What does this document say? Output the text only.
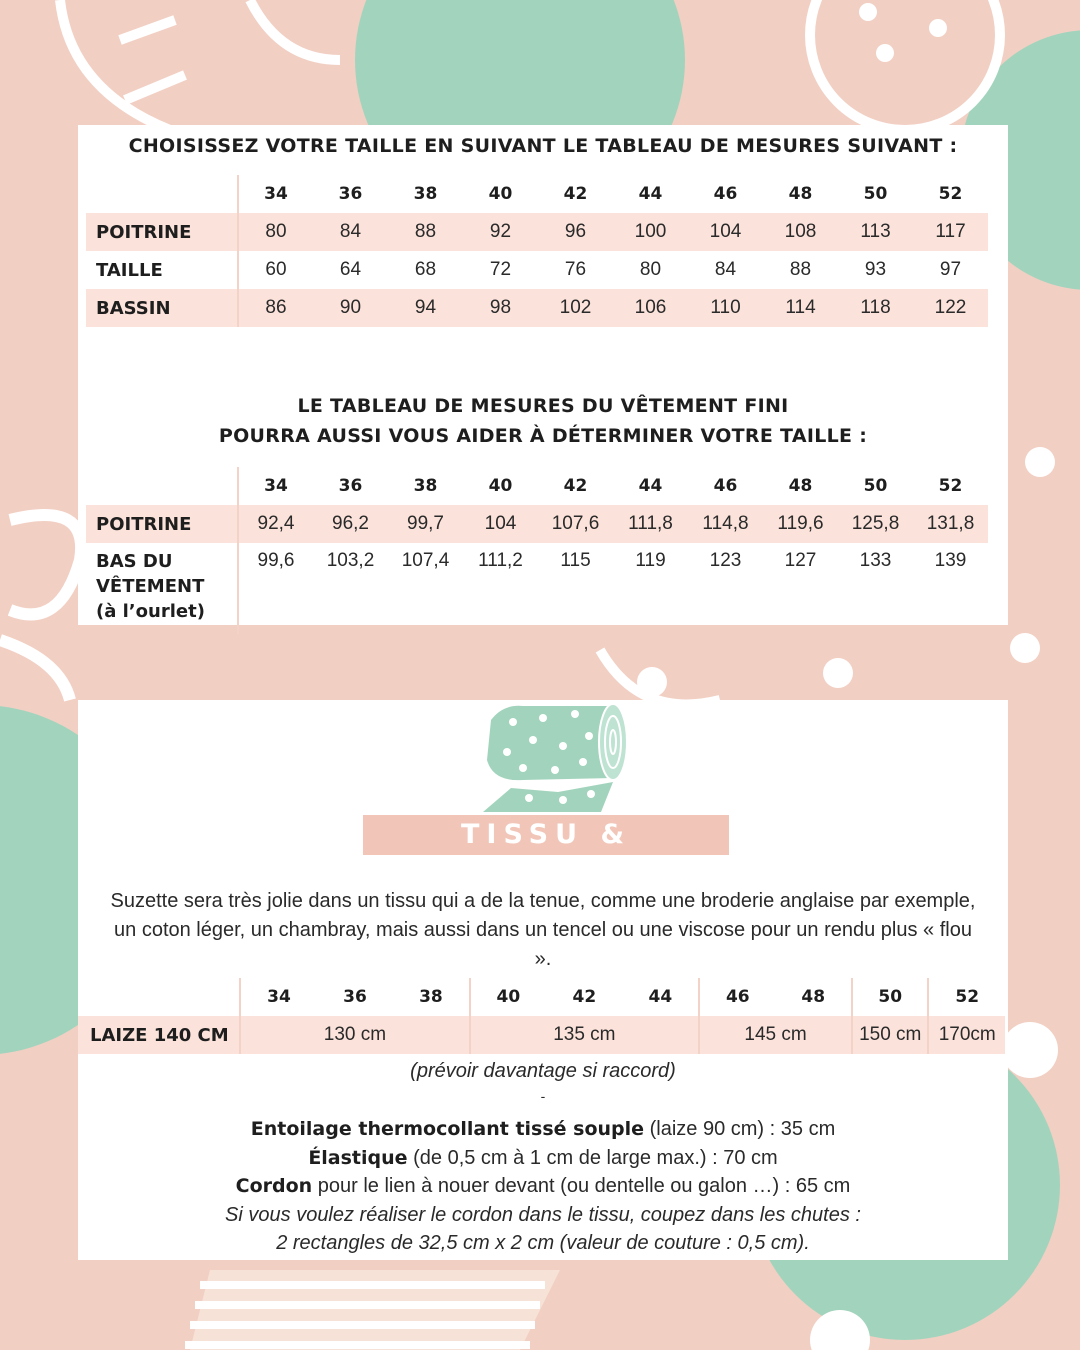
CHOISISSEZ VOTRE TAILLE EN SUIVANT LE TABLEAU DE MESURES SUIVANT :
	34	36	38	40	42	44	46	48	50	52
POITRINE	80	84	88	92	96	100	104	108	113	117
TAILLE	60	64	68	72	76	80	84	88	93	97
BASSIN	86	90	94	98	102	106	110	114	118	122
LE TABLEAU DE MESURES DU VÊTEMENT FINI
POURRA AUSSI VOUS AIDER À DÉTERMINER VOTRE TAILLE :
	34	36	38	40	42	44	46	48	50	52
POITRINE	92,4	96,2	99,7	104	107,6	111,8	114,8	119,6	125,8	131,8

BAS DU
VÊTEMENT
(à l’ourlet)	99,6	103,2	107,4	111,2	115	119	123	127	133	139
TISSU & MERCERIE
Suzette sera très jolie dans un tissu qui a de la tenue, comme une broderie anglaise par exemple, un coton léger, un chambray, mais aussi dans un tencel ou une viscose pour un rendu plus « flou ».
	34	36	38	40	42	44	46	48	50	52
LAIZE 140 CM	130 cm			135 cm			145 cm		150 cm	170cm
(prévoir davantage si raccord)
-
Entoilage thermocollant tissé souple (laize 90 cm) : 35 cm
Élastique (de 0,5 cm à 1 cm de large max.) : 70 cm
Cordon pour le lien à nouer devant (ou dentelle ou galon …) : 65 cm
Si vous voulez réaliser le cordon dans le tissu, coupez dans les chutes :
2 rectangles de 32,5 cm x 2 cm (valeur de couture : 0,5 cm).
